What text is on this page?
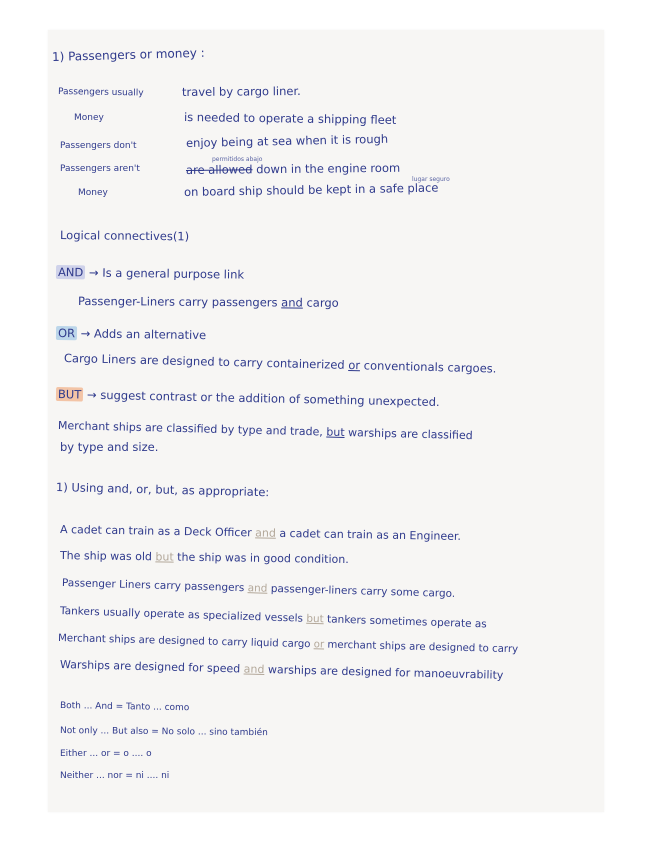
1) Passengers or money :
Passengers usually	travel by cargo liner.
Money	is needed to operate a shipping fleet
Passengers don't	enjoy being at sea when it is rough
permitidos abajo
Passengers aren't	are allowed down in the engine room
lugar seguro
Money	on board ship should be kept in a safe place
Logical connectives(1)
AND → Is a general purpose link
Passenger-Liners carry passengers and cargo
OR → Adds an alternative
Cargo Liners are designed to carry containerized or conventionals cargoes.
BUT → suggest contrast or the addition of something unexpected.
Merchant ships are classified by type and trade, but warships are classified
by type and size.
1) Using and, or, but, as appropriate:
A cadet can train as a Deck Officer and a cadet can train as an Engineer.
The ship was old but the ship was in good condition.
Passenger Liners carry passengers and passenger-liners carry some cargo.
Tankers usually operate as specialized vessels but tankers sometimes operate as
Merchant ships are designed to carry liquid cargo or merchant ships are designed to carry
Warships are designed for speed and warships are designed for manoeuvrability
Both ... And = Tanto ... como
Not only ... But also = No solo ... sino también
Either ... or = o .... o
Neither ... nor = ni .... ni
